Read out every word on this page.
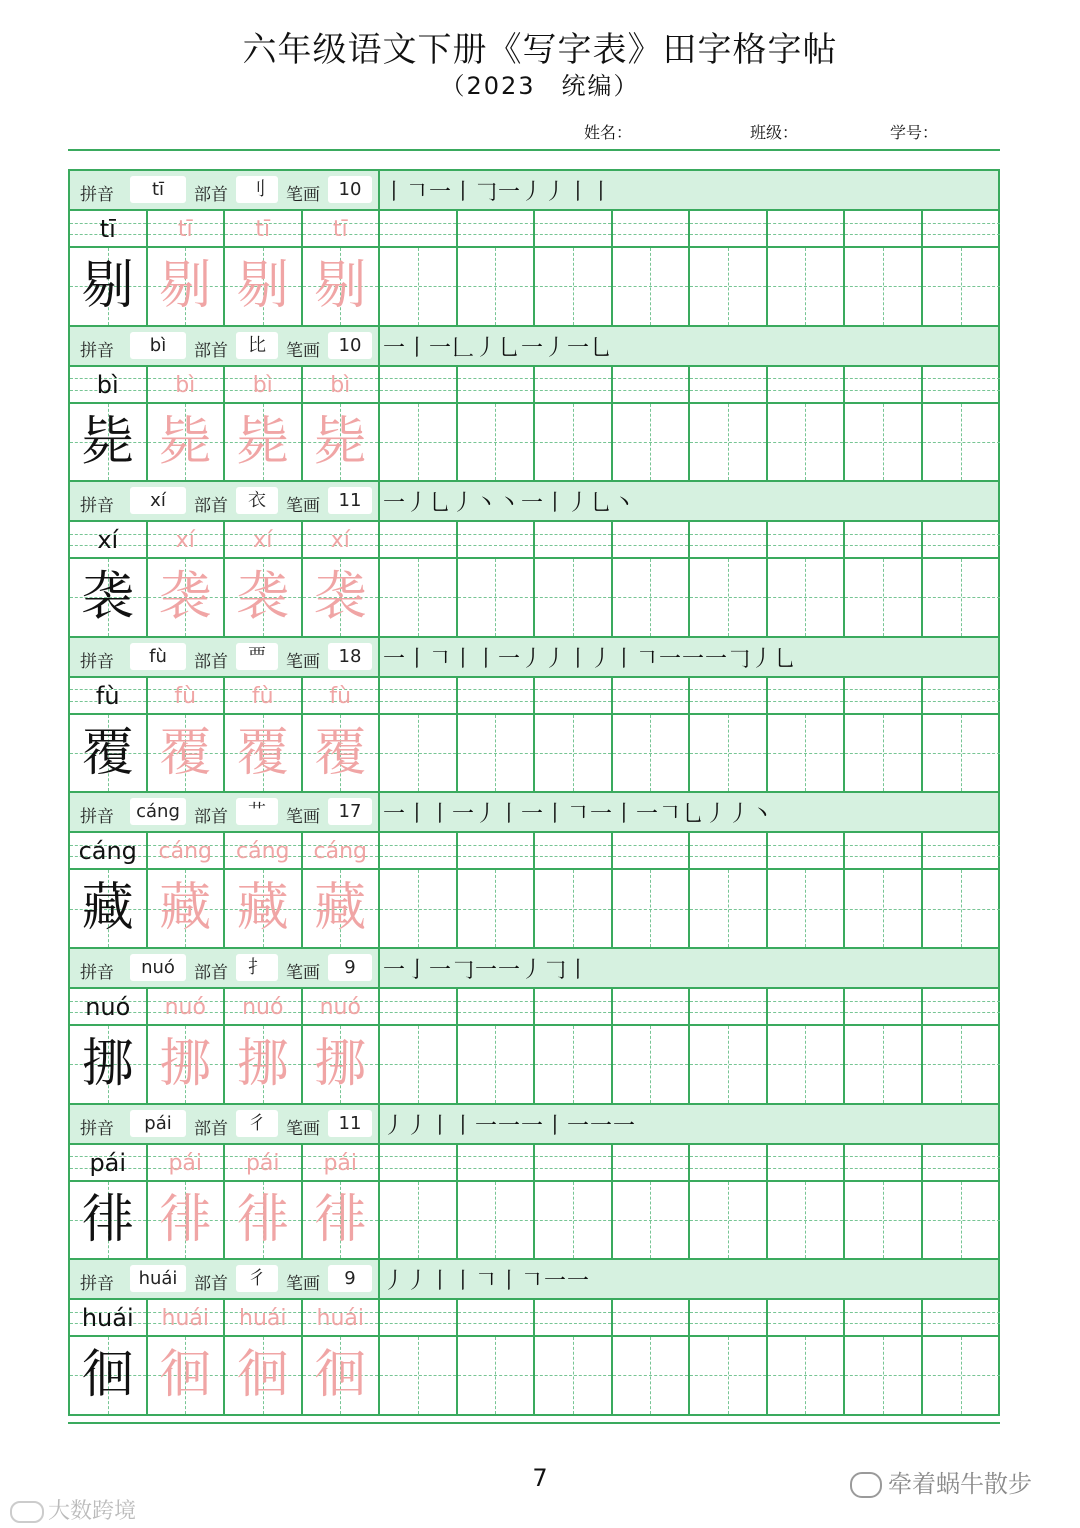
六年级语文下册《写字表》田字格字帖
（2023　统编）
姓名：	班级：	学号：
拼音	tī	部首	刂	笔画	10 丨𠃍一丨𠃌一丿丿丨丨
tī	tī	tī	tī
剔 剔 剔 剔
拼音	bì	部首	比	笔画	10 一丨一𠃊丿乚一丿一乚
bì	bì	bì	bì
毙 毙 毙 毙
拼音	xí	部首	衣	笔画	11 一丿乚丿丶丶一丨丿乚丶
xí	xí	xí	xí
袭 袭 袭 袭
拼音	fù	部首	覀	笔画	18 一丨𠃍丨丨一丿丿丨丿丨𠃍一一一𠃌丿乚
fù	fù	fù	fù
覆 覆 覆 覆
拼音	cáng 部首	艹	笔画	17 一丨丨一丿丨一丨𠃍一丨一𠃍乚丿丿丶
cáng cáng	cáng	cáng
藏 藏 藏 藏
拼音	nuó	部首	扌	笔画	9	一亅一𠃌一一丿𠃌丨
nuó	nuó	nuó	nuó
挪 挪 挪 挪
拼音	pái	部首	彳	笔画	11 丿丿丨丨一一一丨一一一
pái	pái	pái	pái
徘 徘 徘 徘
拼音	huái 部首	彳	笔画	9	丿丿丨丨𠃍丨𠃍一一
huái	huái	huái	huái
徊 徊 徊 徊
7	牵着蜗牛散步
大数跨境
